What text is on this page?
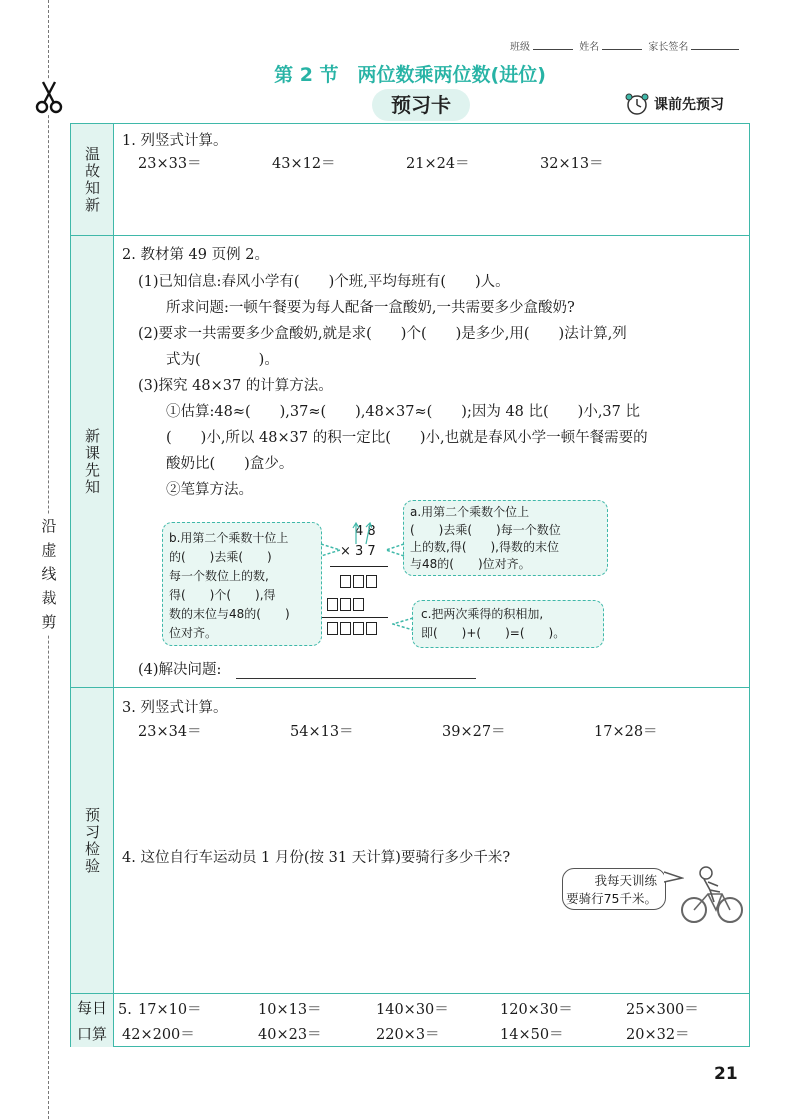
沿虚线裁剪
班级	姓名	家长签名
第 2 节　两位数乘两位数(进位)
预习卡	课前先预习
温故知新
新课先知
预习检验
每日
口算
1. 列竖式计算。
23×33＝	43×12＝	21×24＝	32×13＝
2. 教材第 49 页例 2。
(1)已知信息:春风小学有(　　)个班,平均每班有(　　)人。
所求问题:一顿午餐要为每人配备一盒酸奶,一共需要多少盒酸奶?
(2)要求一共需要多少盒酸奶,就是求(　　)个(　　)是多少,用(　　)法计算,列
式为(　　　　)。
(3)探究 48×37 的计算方法。
①估算:48≈(　　),37≈(　　),48×37≈(　　);因为 48 比(　　)小,37 比
(　　)小,所以 48×37 的积一定比(　　)小,也就是春风小学一顿午餐需要的
酸奶比(　　)盒少。
②笔算方法。
b.用第二个乘数十位上
的(　　)去乘(　　)
每一个数位上的数,
得(　　)个(　　),得
数的末位与48的(　　)
位对齐。
4 8
× 3 7
a.用第二个乘数个位上
(　　)去乘(　　)每一个数位
上的数,得(　　),得数的末位
与48的(　　)位对齐。
c.把两次乘得的积相加,
即(　　)+(　　)=(　　)。
(4)解决问题:
3. 列竖式计算。
23×34＝	54×13＝	39×27＝	17×28＝
4. 这位自行车运动员 1 月份(按 31 天计算)要骑行多少千米?
我每天训练
要骑行75千米。
5. 17×10＝	10×13＝	140×30＝	120×30＝	25×300＝
42×200＝	40×23＝	220×3＝	14×50＝	20×32＝
21
